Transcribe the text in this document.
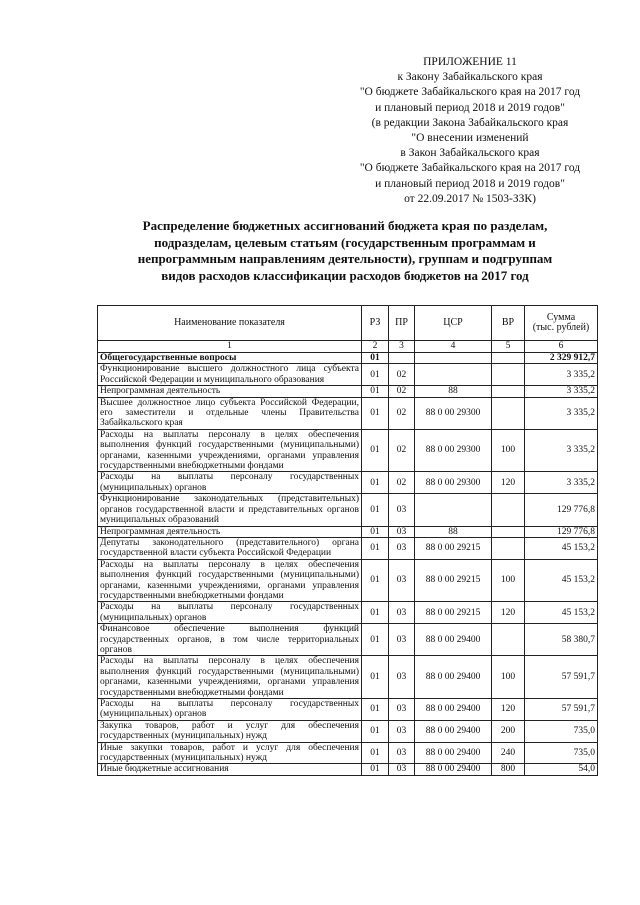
ПРИЛОЖЕНИЕ 11
к Закону Забайкальского края
"О бюджете Забайкальского края на 2017 год
и плановый период 2018 и 2019 годов"
(в редакции Закона Забайкальского края
"О внесении изменений
в Закон Забайкальского края
"О бюджете Забайкальского края на 2017 год
и плановый период 2018 и 2019 годов"
от 22.09.2017 № 1503-ЗЗК)
Распределение бюджетных ассигнований бюджета края по разделам,
подразделам, целевым статьям (государственным программам и
непрограммным направлениям деятельности), группам и подгруппам
видов расходов классификации расходов бюджетов на 2017 год
Наименование показателя	РЗ	ПР	ЦСР	ВР	Сумма
(тыс. рублей)

1	2	3	4	5	6
Общегосударственные вопросы	01				2 329 912,7
Функционирование высшего должностного лица субъекта Российской Федерации и муниципального образования	01	02			3 335,2
Непрограммная деятельность	01	02	88		3 335,2
Высшее должностное лицо субъекта Российской Федерации, его заместители и отдельные члены Правительства Забайкальского края	01	02	88 0 00 29300		3 335,2
Расходы на выплаты персоналу в целях обеспечения выполнения функций государственными (муниципальными) органами, казенными учреждениями, органами управления государственными внебюджетными фондами	01	02	88 0 00 29300	100	3 335,2
Расходы на выплаты персоналу государственных (муниципальных) органов	01	02	88 0 00 29300	120	3 335,2
Функционирование законодательных (представительных) органов государственной власти и представительных органов муниципальных образований	01	03			129 776,8
Непрограммная деятельность	01	03	88		129 776,8
Депутаты законодательного (представительного) органа государственной власти субъекта Российской Федерации	01	03	88 0 00 29215		45 153,2
Расходы на выплаты персоналу в целях обеспечения выполнения функций государственными (муниципальными) органами, казенными учреждениями, органами управления государственными внебюджетными фондами	01	03	88 0 00 29215	100	45 153,2
Расходы на выплаты персоналу государственных (муниципальных) органов	01	03	88 0 00 29215	120	45 153,2
Финансовое обеспечение выполнения функций государственных органов, в том числе территориальных органов	01	03	88 0 00 29400		58 380,7
Расходы на выплаты персоналу в целях обеспечения выполнения функций государственными (муниципальными) органами, казенными учреждениями, органами управления государственными внебюджетными фондами	01	03	88 0 00 29400	100	57 591,7
Расходы на выплаты персоналу государственных (муниципальных) органов	01	03	88 0 00 29400	120	57 591,7
Закупка товаров, работ и услуг для обеспечения государственных (муниципальных) нужд	01	03	88 0 00 29400	200	735,0
Иные закупки товаров, работ и услуг для обеспечения государственных (муниципальных) нужд	01	03	88 0 00 29400	240	735,0
Иные бюджетные ассигнования	01	03	88 0 00 29400	800	54,0
